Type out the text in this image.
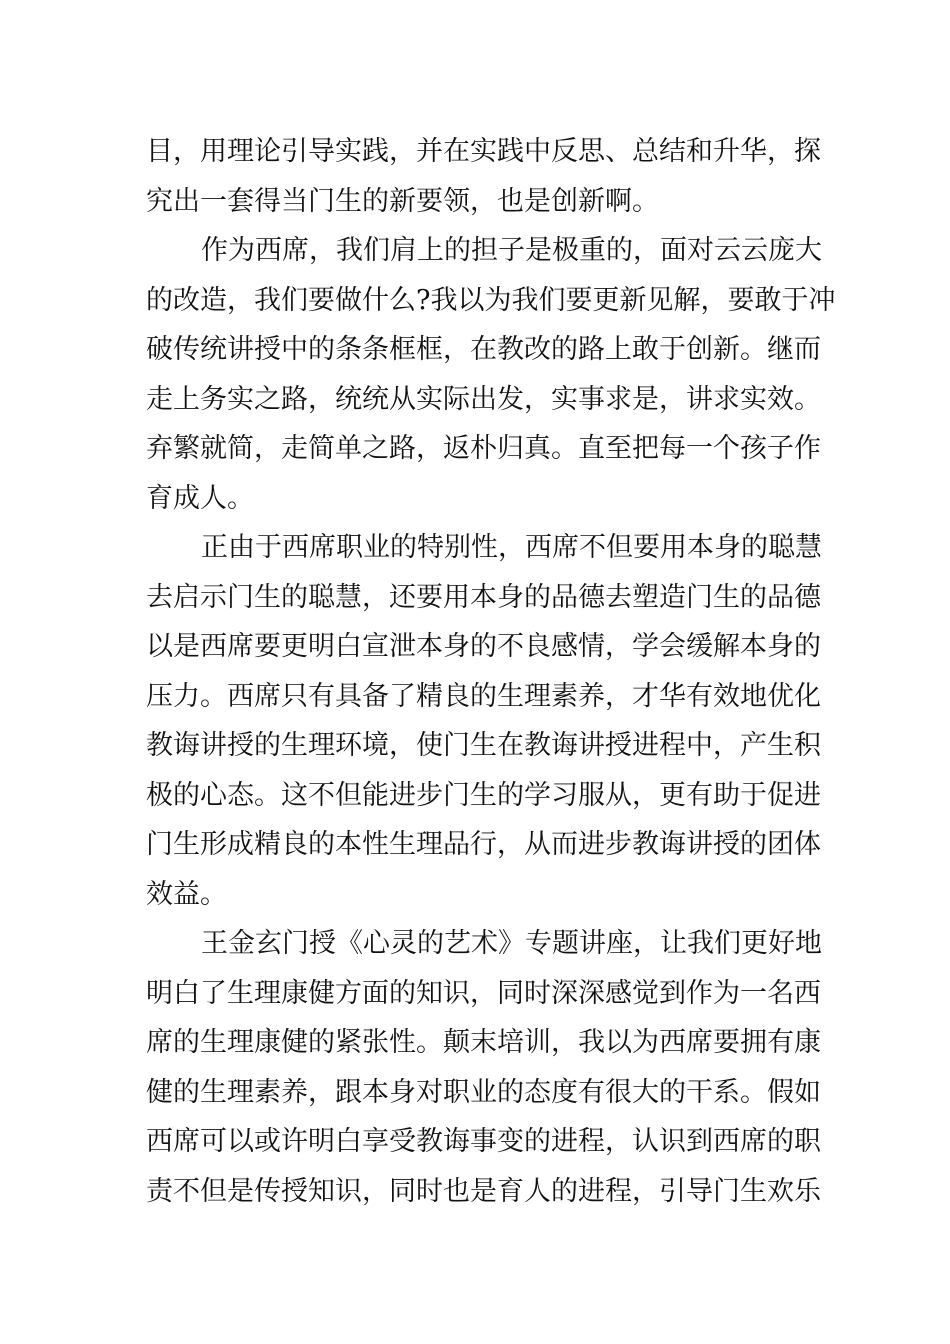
目，用理论引导实践，并在实践中反思、总结和升华，探
究出一套得当门生的新要领，也是创新啊。
作为西席，我们肩上的担子是极重的，面对云云庞大
的改造，我们要做什么?我以为我们要更新见解，要敢于冲
破传统讲授中的条条框框，在教改的路上敢于创新。继而
走上务实之路，统统从实际出发，实事求是，讲求实效。
弃繁就简，走简单之路，返朴归真。直至把每一个孩子作
育成人。
正由于西席职业的特别性，西席不但要用本身的聪慧
去启示门生的聪慧，还要用本身的品德去塑造门生的品德
以是西席要更明白宣泄本身的不良感情，学会缓解本身的
压力。西席只有具备了精良的生理素养，才华有效地优化
教诲讲授的生理环境，使门生在教诲讲授进程中，产生积
极的心态。这不但能进步门生的学习服从，更有助于促进
门生形成精良的本性生理品行，从而进步教诲讲授的团体
效益。
王金玄门授《心灵的艺术》专题讲座，让我们更好地
明白了生理康健方面的知识，同时深深感觉到作为一名西
席的生理康健的紧张性。颠末培训，我以为西席要拥有康
健的生理素养，跟本身对职业的态度有很大的干系。假如
西席可以或许明白享受教诲事变的进程，认识到西席的职
责不但是传授知识，同时也是育人的进程，引导门生欢乐
